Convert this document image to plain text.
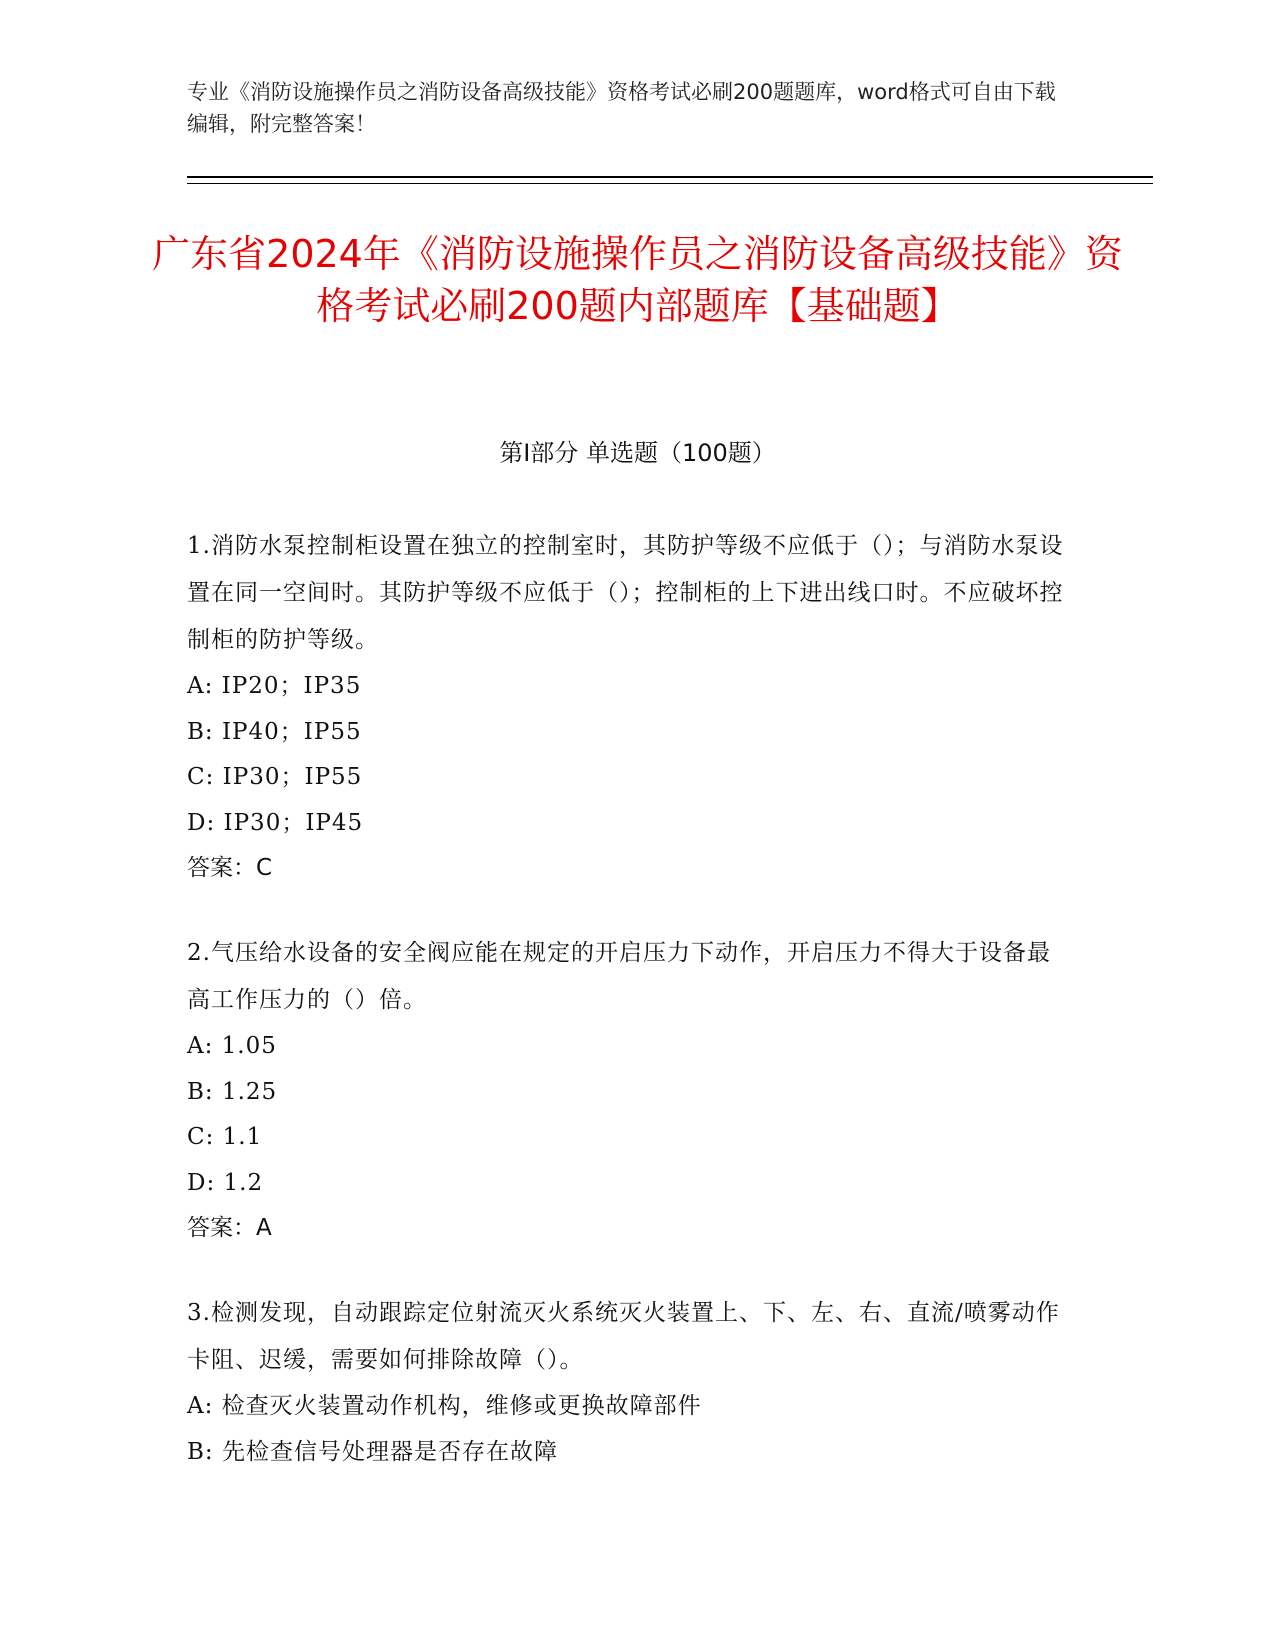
专业《消防设施操作员之消防设备高级技能》资格考试必刷200题题库，word格式可自由下载编辑，附完整答案！

广东省2024年《消防设施操作员之消防设备高级技能》资格考试必刷200题内部题库【基础题】
第Ⅰ部分 单选题（100题）

1.消防水泵控制柜设置在独立的控制室时，其防护等级不应低于（）；与消防水泵设置在同一空间时。其防护等级不应低于（）；控制柜的上下进出线口时。不应破坏控制柜的防护等级。

A: IP20；IP35
B: IP40；IP55
C: IP30；IP55
D: IP30；IP45

答案：C

2.气压给水设备的安全阀应能在规定的开启压力下动作，开启压力不得大于设备最高工作压力的（）倍。

A: 1.05
B: 1.25
C: 1.1
D: 1.2

答案：A

3.检测发现，自动跟踪定位射流灭火系统灭火装置上、下、左、右、直流/喷雾动作卡阻、迟缓，需要如何排除故障（）。

A: 检查灭火装置动作机构，维修或更换故障部件
B: 先检查信号处理器是否存在故障
